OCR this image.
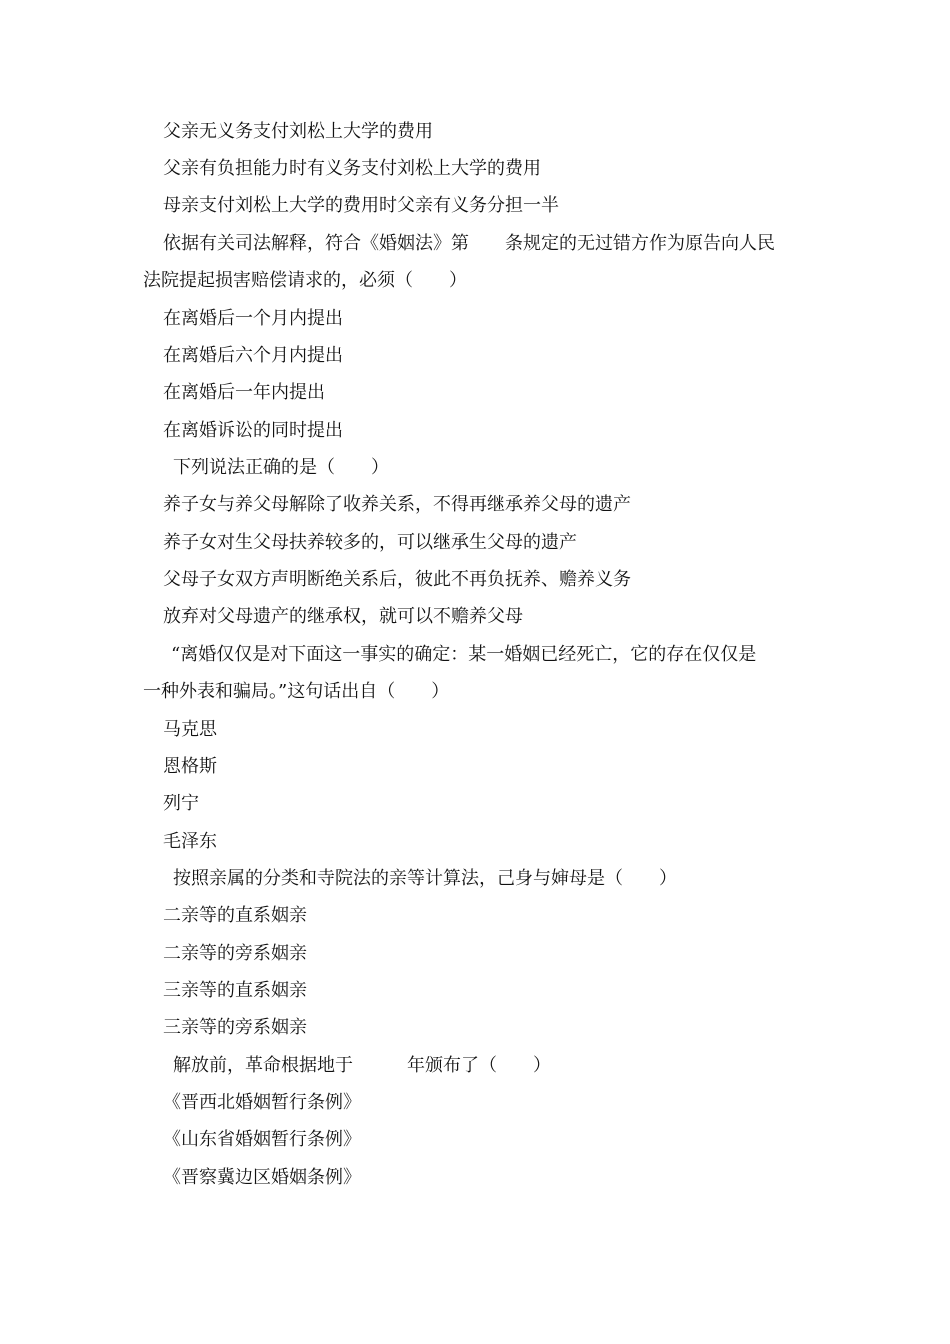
父亲无义务支付刘松上大学的费用
父亲有负担能力时有义务支付刘松上大学的费用
母亲支付刘松上大学的费用时父亲有义务分担一半
依据有关司法解释，符合《婚姻法》第　　条规定的无过错方作为原告向人民
法院提起损害赔偿请求的，必须（　　）
在离婚后一个月内提出
在离婚后六个月内提出
在离婚后一年内提出
在离婚诉讼的同时提出
下列说法正确的是（　　）
养子女与养父母解除了收养关系，不得再继承养父母的遗产
养子女对生父母扶养较多的，可以继承生父母的遗产
父母子女双方声明断绝关系后，彼此不再负抚养、赡养义务
放弃对父母遗产的继承权，就可以不赡养父母
“离婚仅仅是对下面这一事实的确定：某一婚姻已经死亡，它的存在仅仅是
一种外表和骗局。”这句话出自（　　）
马克思
恩格斯
列宁
毛泽东
按照亲属的分类和寺院法的亲等计算法，己身与婶母是（　　）
二亲等的直系姻亲
二亲等的旁系姻亲
三亲等的直系姻亲
三亲等的旁系姻亲
解放前，革命根据地于　　　年颁布了（　　）
《晋西北婚姻暂行条例》
《山东省婚姻暂行条例》
《晋察冀边区婚姻条例》
